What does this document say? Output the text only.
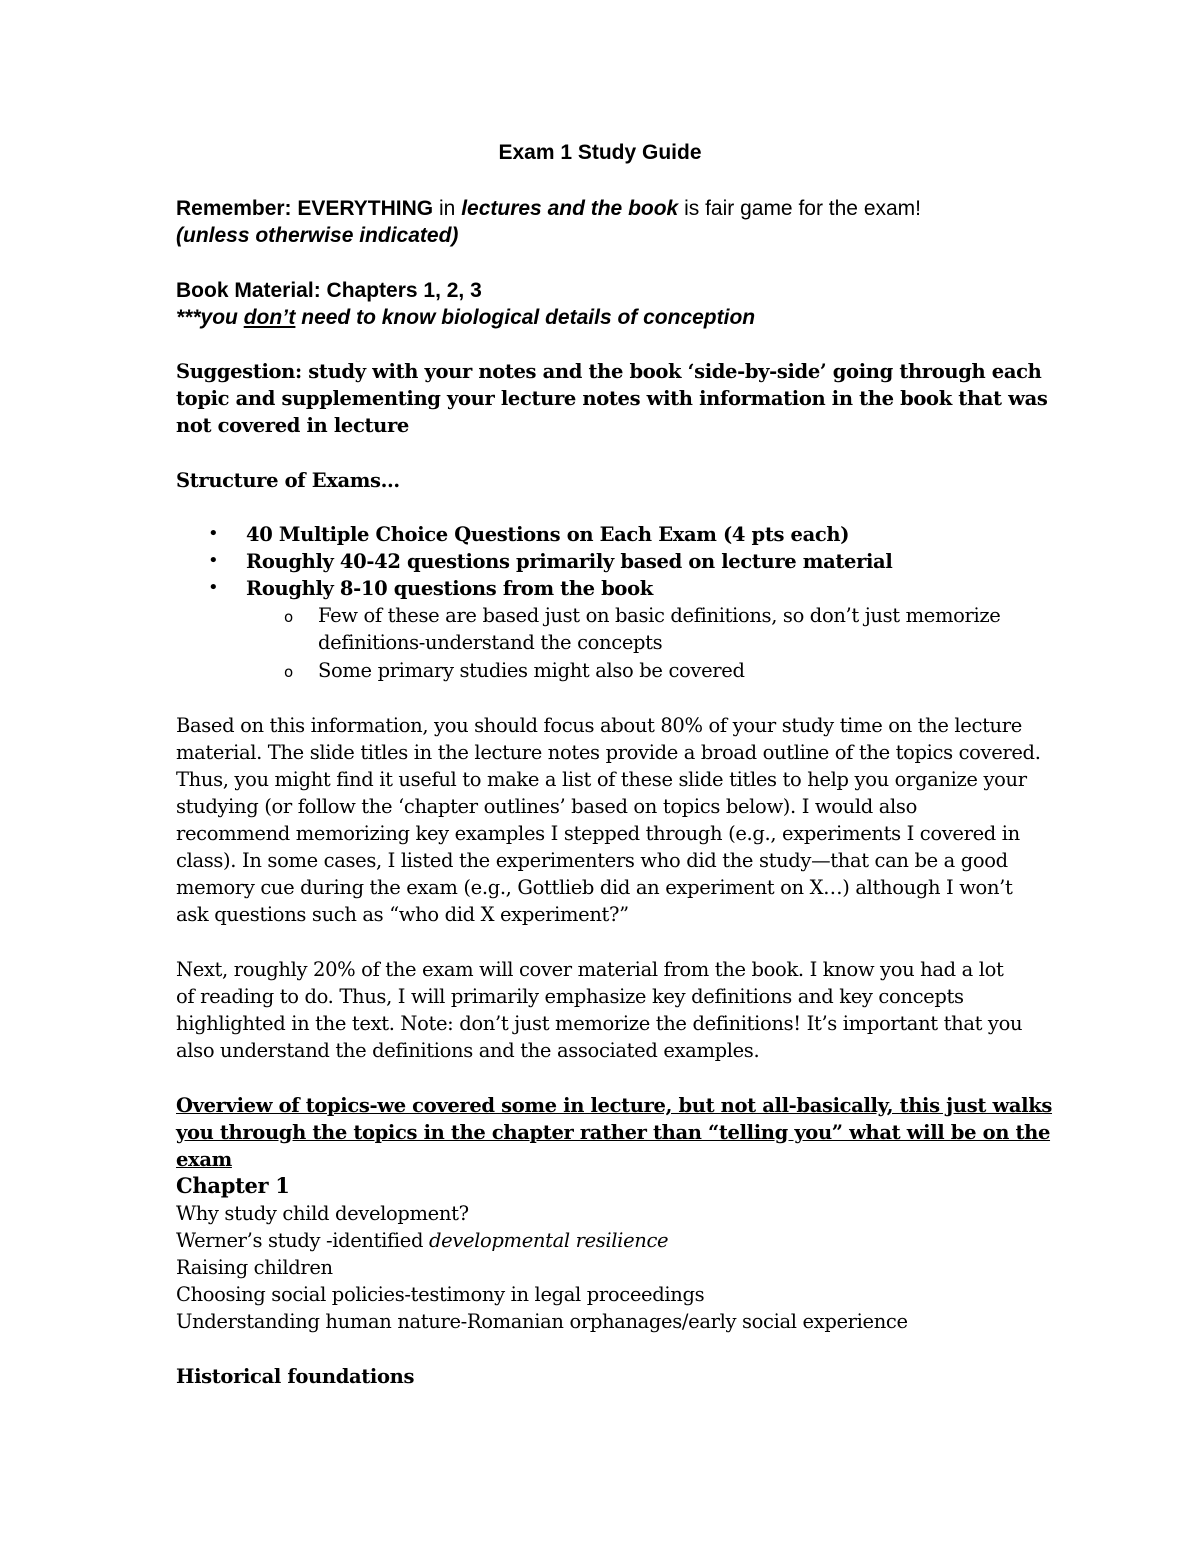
Exam 1 Study Guide
Remember: EVERYTHING in lectures and the book is fair game for the exam!
(unless otherwise indicated)
Book Material: Chapters 1, 2, 3
***you don’t need to know biological details of conception
Suggestion: study with your notes and the book ‘side-by-side’ going through each
topic and supplementing your lecture notes with information in the book that was
not covered in lecture
Structure of Exams…
• 40 Multiple Choice Questions on Each Exam (4 pts each)
• Roughly 40-42 questions primarily based on lecture material
• Roughly 8-10 questions from the book
o Few of these are based just on basic definitions, so don’t just memorize
definitions-understand the concepts
o Some primary studies might also be covered
Based on this information, you should focus about 80% of your study time on the lecture
material. The slide titles in the lecture notes provide a broad outline of the topics covered.
Thus, you might find it useful to make a list of these slide titles to help you organize your
studying (or follow the ‘chapter outlines’ based on topics below). I would also
recommend memorizing key examples I stepped through (e.g., experiments I covered in
class). In some cases, I listed the experimenters who did the study—that can be a good
memory cue during the exam (e.g., Gottlieb did an experiment on X…) although I won’t
ask questions such as “who did X experiment?”
Next, roughly 20% of the exam will cover material from the book. I know you had a lot
of reading to do. Thus, I will primarily emphasize key definitions and key concepts
highlighted in the text. Note: don’t just memorize the definitions! It’s important that you
also understand the definitions and the associated examples.
Overview of topics-we covered some in lecture, but not all-basically, this just walks
you through the topics in the chapter rather than “telling you” what will be on the
exam
Chapter 1
Why study child development?
Werner’s study -identified developmental resilience
Raising children
Choosing social policies-testimony in legal proceedings
Understanding human nature-Romanian orphanages/early social experience
Historical foundations
